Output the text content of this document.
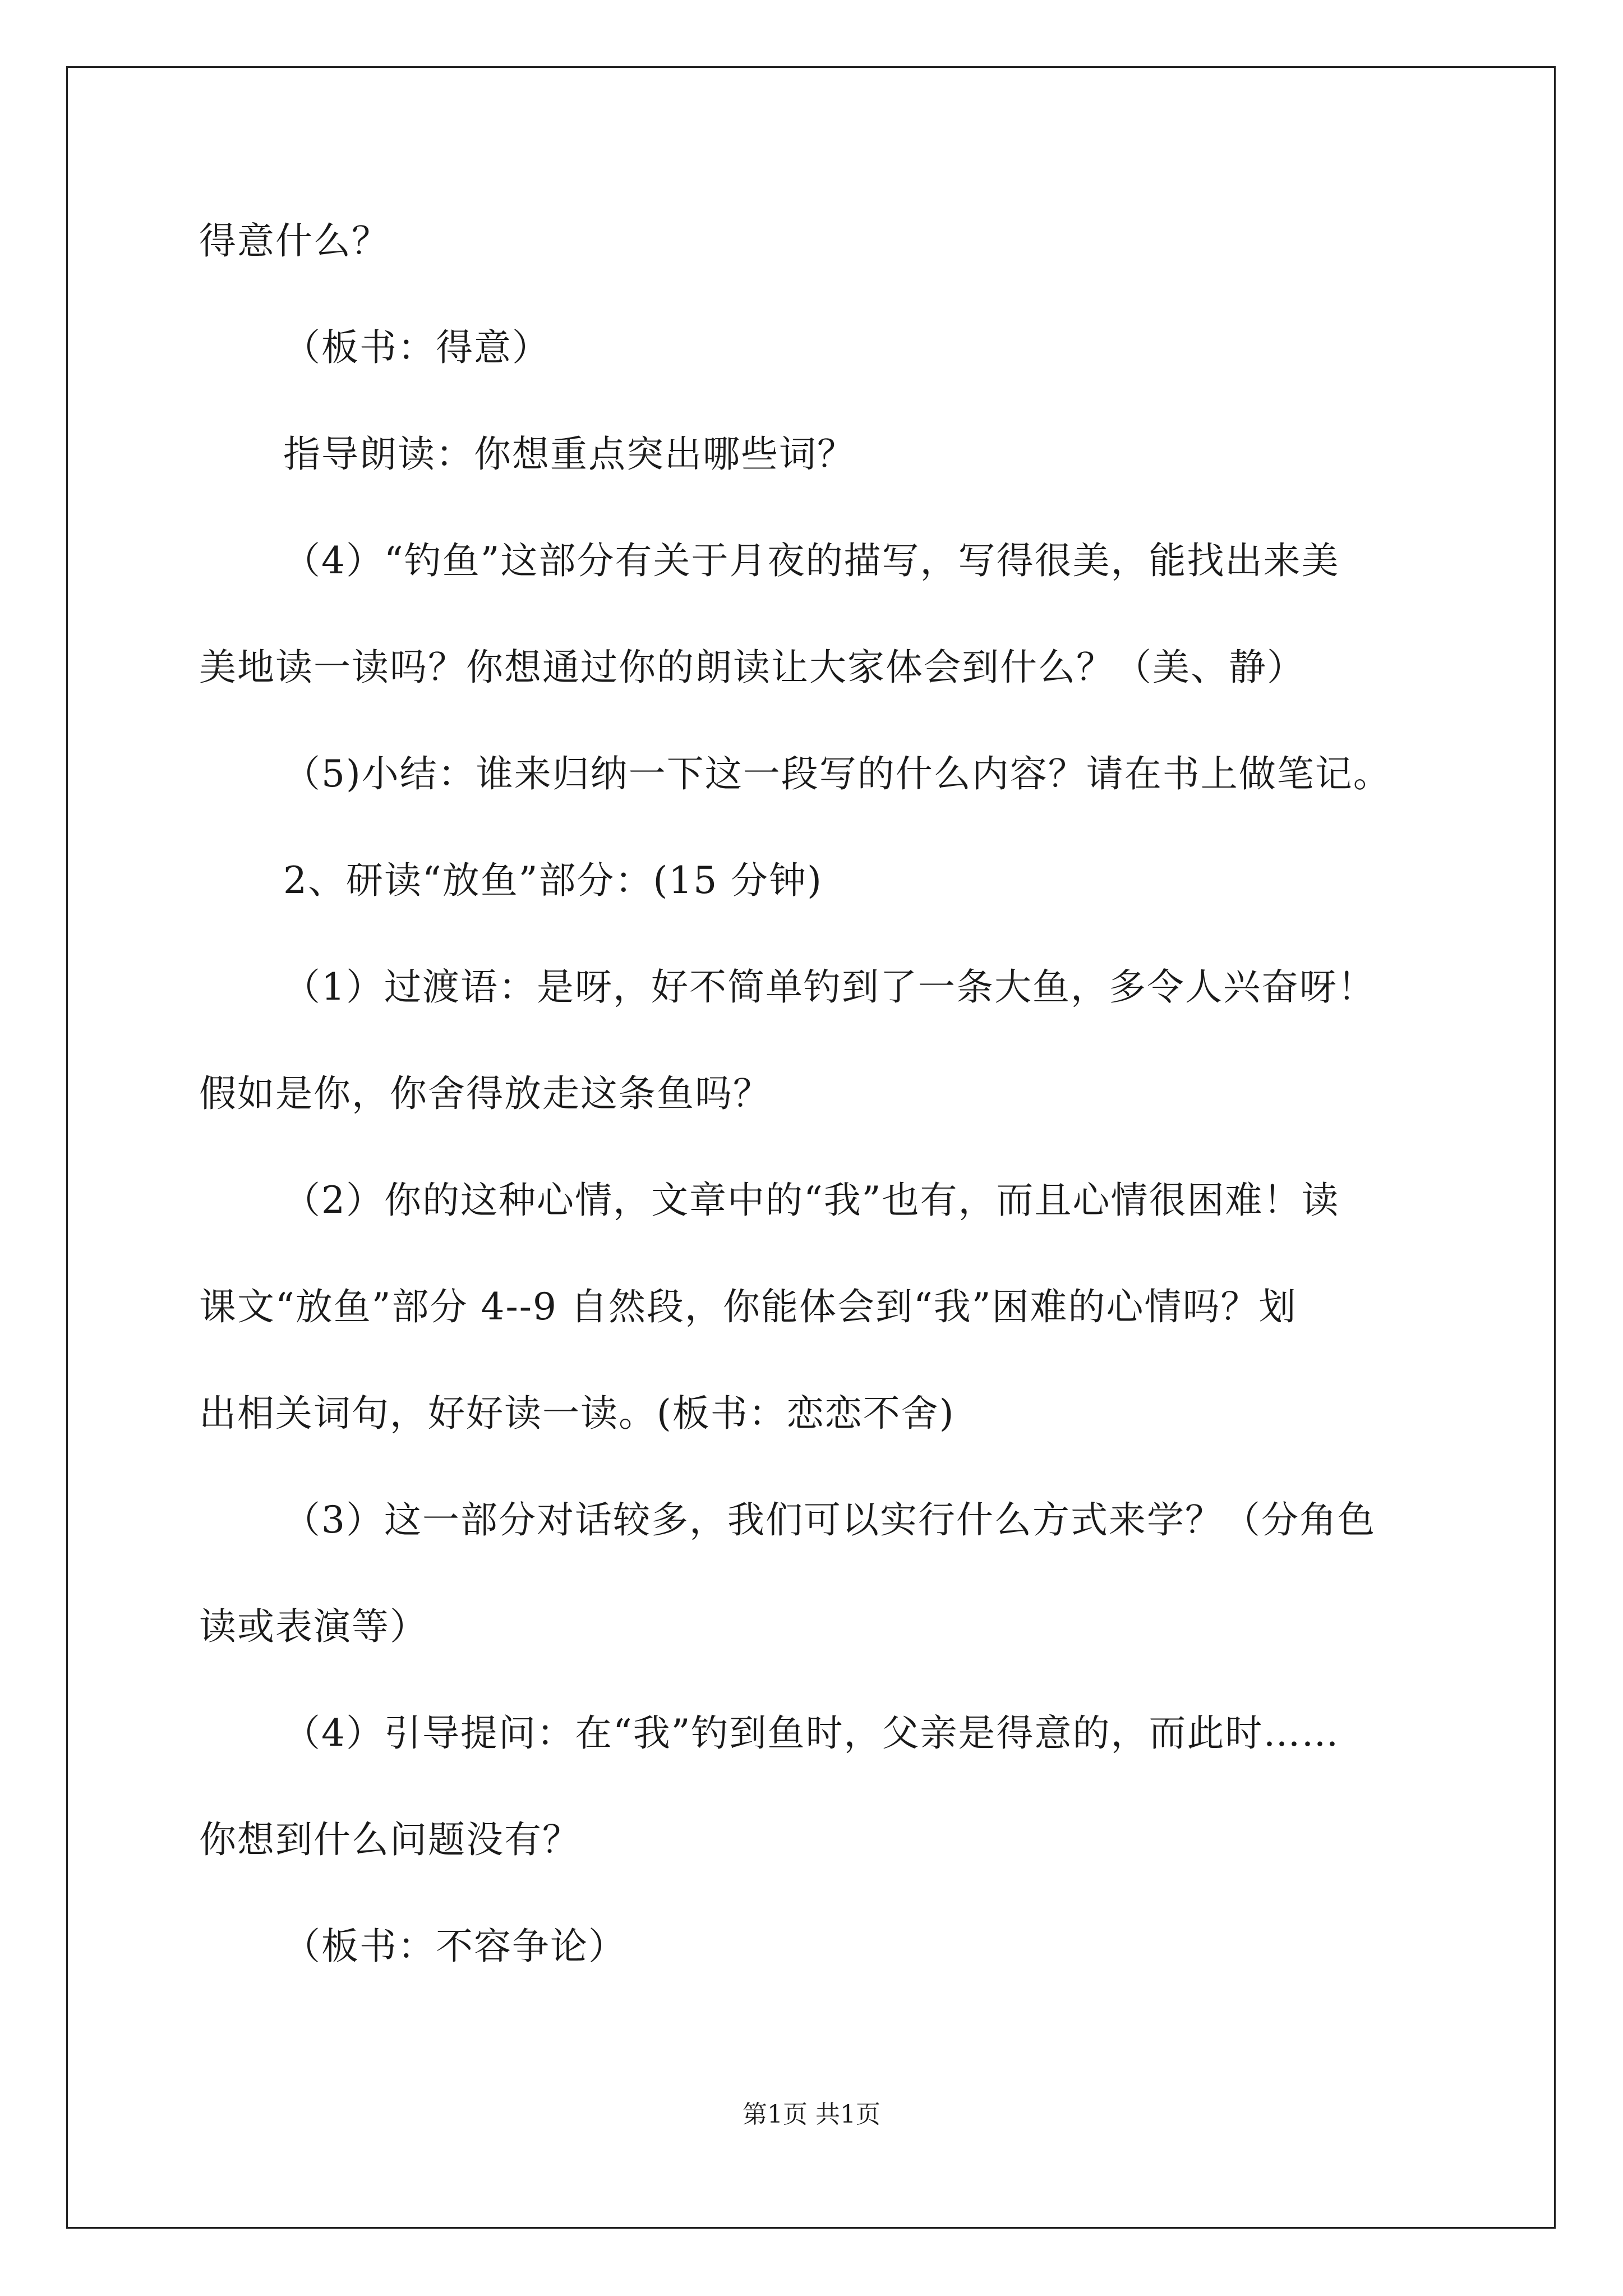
得意什么？
（板书：得意）
指导朗读：你想重点突出哪些词？
（4）“钓鱼”这部分有关于月夜的描写，写得很美，能找出来美
美地读一读吗？你想通过你的朗读让大家体会到什么？（美、静）
（5)小结：谁来归纳一下这一段写的什么内容？请在书上做笔记。
2、研读“放鱼”部分：(15 分钟)
（1）过渡语：是呀，好不简单钓到了一条大鱼，多令人兴奋呀！
假如是你，你舍得放走这条鱼吗？
（2）你的这种心情，文章中的“我”也有，而且心情很困难！读
课文“放鱼”部分 4--9 自然段，你能体会到“我”困难的心情吗？划
出相关词句，好好读一读。(板书：恋恋不舍)
（3）这一部分对话较多，我们可以实行什么方式来学？（分角色
读或表演等）
（4）引导提问：在“我”钓到鱼时，父亲是得意的，而此时……
你想到什么问题没有？
（板书：不容争论）
第1页 共1页
